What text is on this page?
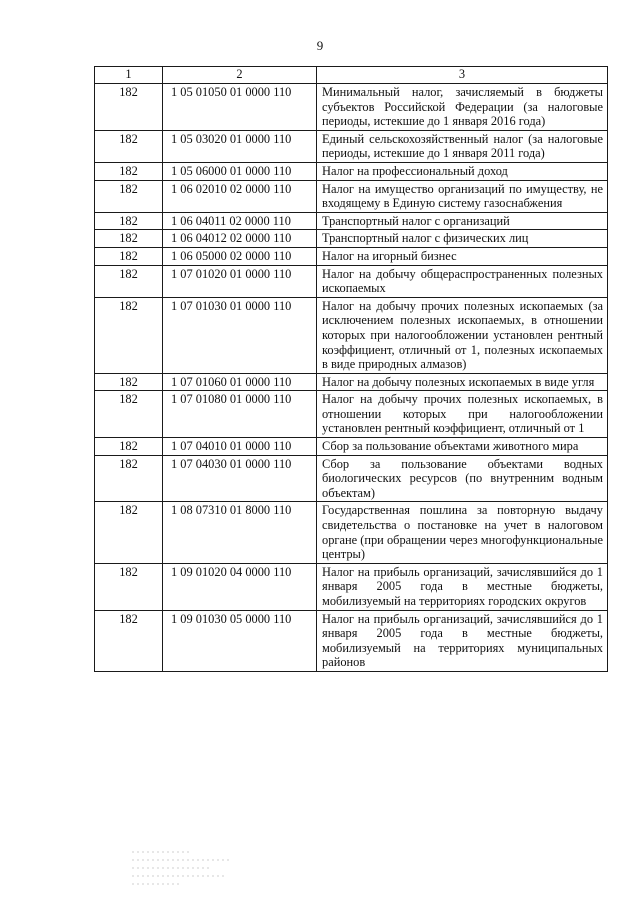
9
1	2	3
182	1 05 01050 01 0000 110	Минимальный налог, зачисляемый в бюджеты субъектов Российской Федерации (за налоговые периоды, истекшие до 1 января 2016 года)
182	1 05 03020 01 0000 110	Единый сельскохозяйственный налог (за налоговые периоды, истекшие до 1 января 2011 года)
182	1 05 06000 01 0000 110	Налог на профессиональный доход
182	1 06 02010 02 0000 110	Налог на имущество организаций по имуществу, не входящему в Единую систему газоснабжения
182	1 06 04011 02 0000 110	Транспортный налог с организаций
182	1 06 04012 02 0000 110	Транспортный налог с физических лиц
182	1 06 05000 02 0000 110	Налог на игорный бизнес
182	1 07 01020 01 0000 110	Налог на добычу общераспространенных полезных ископаемых
182	1 07 01030 01 0000 110	Налог на добычу прочих полезных ископаемых (за исключением полезных ископаемых, в отношении которых при налогообложении установлен рентный коэффициент, отличный от 1, полезных ископаемых в виде природных алмазов)
182	1 07 01060 01 0000 110	Налог на добычу полезных ископаемых в виде угля
182	1 07 01080 01 0000 110	Налог на добычу прочих полезных ископаемых, в отношении которых при налогообложении установлен рентный коэффициент, отличный от 1
182	1 07 04010 01 0000 110	Сбор за пользование объектами животного мира
182	1 07 04030 01 0000 110	Сбор за пользование объектами водных биологических ресурсов (по внутренним водным объектам)
182	1 08 07310 01 8000 110	Государственная пошлина за повторную выдачу свидетельства о постановке на учет в налоговом органе (при обращении через многофункциональные центры)
182	1 09 01020 04 0000 110	Налог на прибыль организаций, зачислявшийся до 1 января 2005 года в местные бюджеты, мобилизуемый на территориях городских округов
182	1 09 01030 05 0000 110	Налог на прибыль организаций, зачислявшийся до 1 января 2005 года в местные бюджеты, мобилизуемый на территориях муниципальных районов
